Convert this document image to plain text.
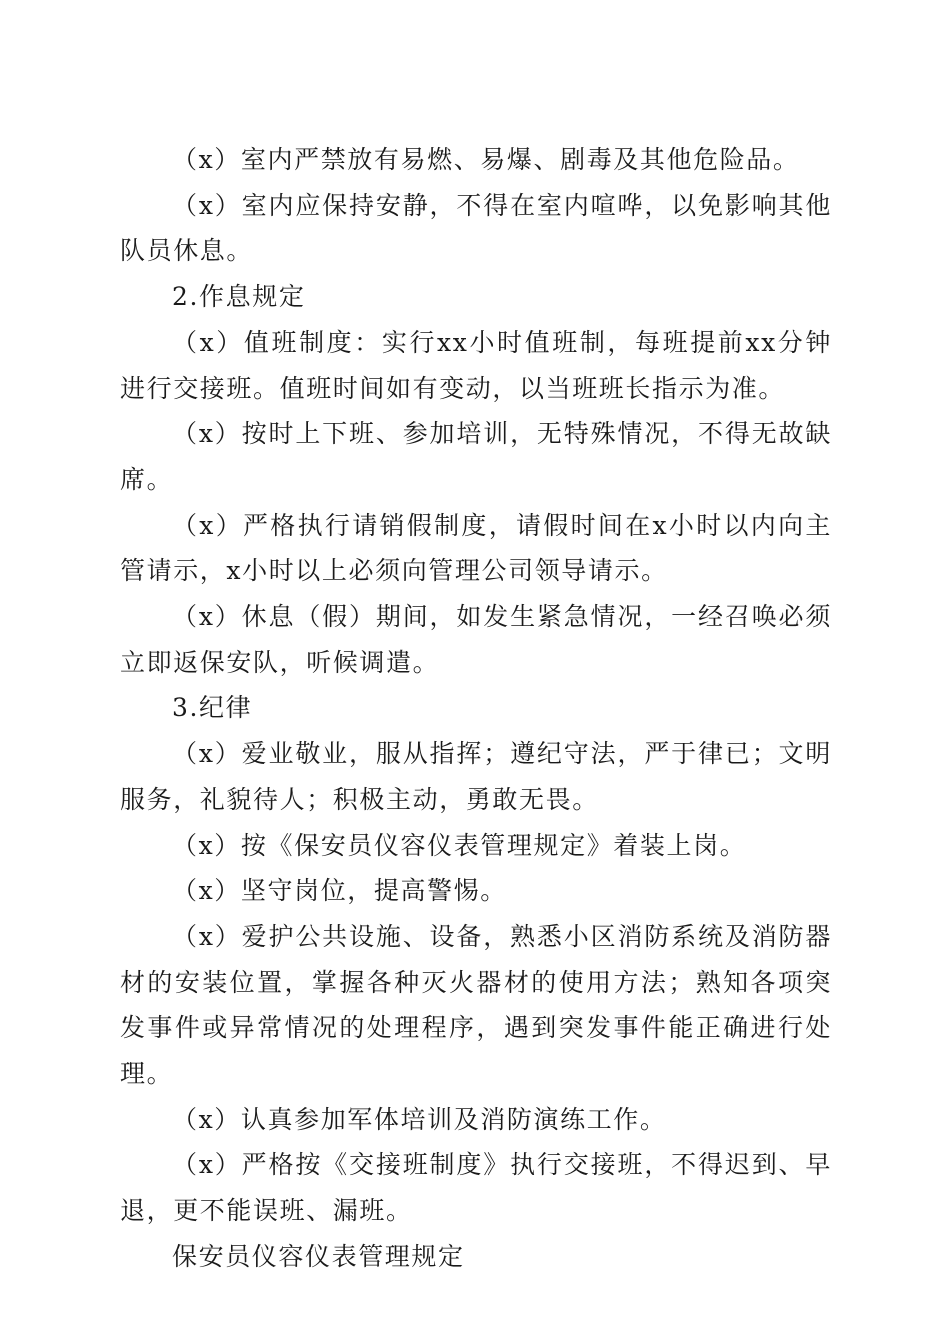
（x）室内严禁放有易燃、易爆、剧毒及其他危险品。

（x）室内应保持安静，不得在室内喧哗，以免影响其他队员休息。

2.作息规定

（x）值班制度：实行xx小时值班制，每班提前xx分钟进行交接班。值班时间如有变动，以当班班长指示为准。

（x）按时上下班、参加培训，无特殊情况，不得无故缺席。

（x）严格执行请销假制度，请假时间在x小时以内向主管请示，x小时以上必须向管理公司领导请示。

（x）休息（假）期间，如发生紧急情况，一经召唤必须立即返保安队，听候调遣。

3.纪律

（x）爱业敬业，服从指挥；遵纪守法，严于律已；文明服务，礼貌待人；积极主动，勇敢无畏。

（x）按《保安员仪容仪表管理规定》着装上岗。

（x）坚守岗位，提高警惕。

（x）爱护公共设施、设备，熟悉小区消防系统及消防器材的安装位置，掌握各种灭火器材的使用方法；熟知各项突发事件或异常情况的处理程序，遇到突发事件能正确进行处理。

（x）认真参加军体培训及消防演练工作。

（x）严格按《交接班制度》执行交接班，不得迟到、早退，更不能误班、漏班。

保安员仪容仪表管理规定
